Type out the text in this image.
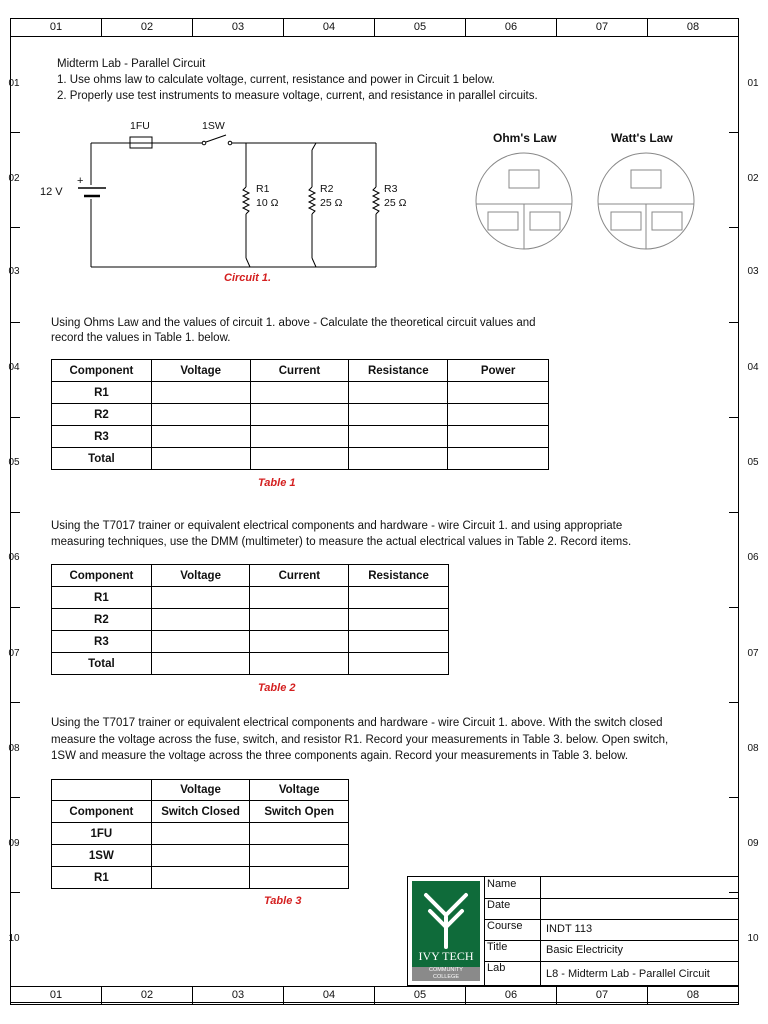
01	02	03	04	05	06	07	08
01	02	03	04	05	06	07	08
01
02
03
04
05
06
07
08
09
10
01
02
03
04
05
06
07
08
09
10
Midterm Lab - Parallel Circuit
1. Use ohms law to calculate voltage, current, resistance and power in Circuit 1 below.
2. Properly use test instruments to measure voltage, current, and resistance in parallel circuits.
1FU	1SW
12 V
+
R1
10 Ω
R2
25 Ω
R3
25 Ω
Circuit 1.
Ohm's Law	Watt's Law
Using Ohms Law and the values of circuit 1. above - Calculate the theoretical circuit values and
record the values in Table 1. below.
Component	Voltage	Current	Resistance	Power
R1				
R2				
R3				
Total				
Table 1
Using the T7017 trainer or equivalent electrical components and hardware - wire Circuit 1. and using appropriate
measuring techniques, use the DMM (multimeter) to measure the actual electrical values in Table 2. Record items.
Component	Voltage	Current	Resistance
R1			
R2			
R3			
Total			
Table 2
Using the T7017 trainer or equivalent electrical components and hardware - wire Circuit 1. above. With the switch closed
measure the voltage across the fuse, switch, and resistor R1. Record your measurements in Table 3. below. Open switch,
1SW and measure the voltage across the three components again. Record your measurements in Table 3. below.
	Voltage	Voltage
Component	Switch Closed	Switch Open
1FU		
1SW		
R1		
Table 3
IVY TECH
COMMUNITY
COLLEGE
Name
Date
Course INDT 113
Title	Basic Electricity
Lab	L8 - Midterm Lab - Parallel Circuit
